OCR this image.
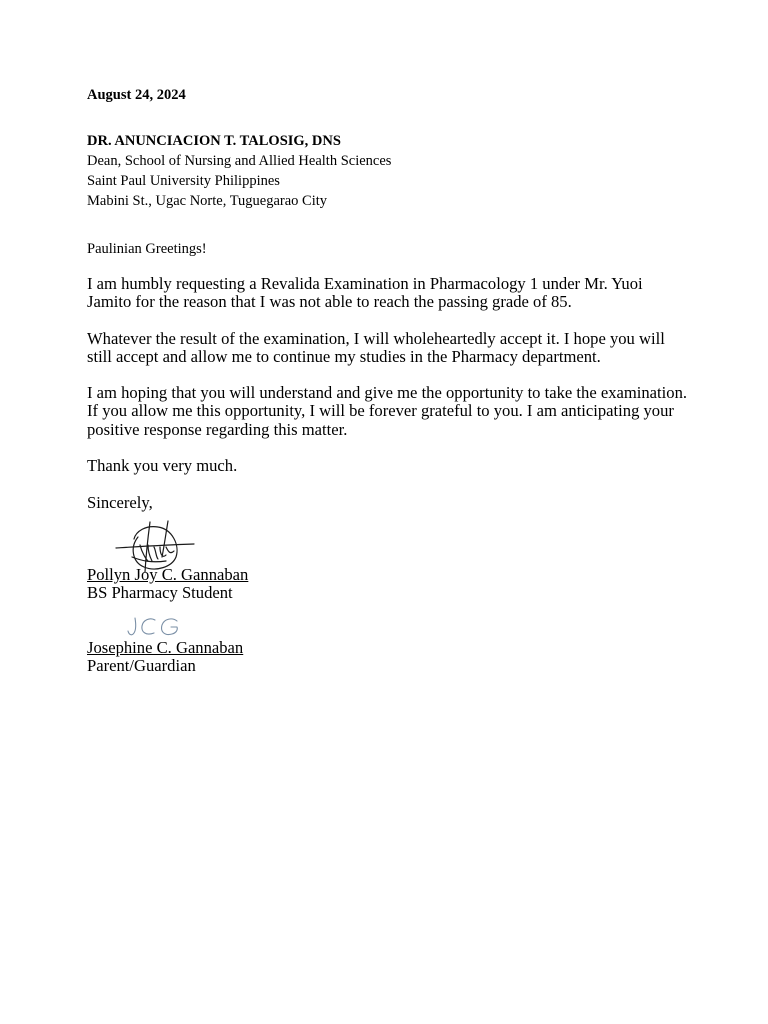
August 24, 2024
DR. ANUNCIACION T. TALOSIG, DNS
Dean, School of Nursing and Allied Health Sciences
Saint Paul University Philippines
Mabini St., Ugac Norte, Tuguegarao City
Paulinian Greetings!

I am humbly requesting a Revalida Examination in Pharmacology 1 under Mr. Yuoi Jamito for the reason that I was not able to reach the passing grade of 85.

Whatever the result of the examination, I will wholeheartedly accept it. I hope you will still accept and allow me to continue my studies in the Pharmacy department.

I am hoping that you will understand and give me the opportunity to take the examination. If you allow me this opportunity, I will be forever grateful to you. I am anticipating your positive response regarding this matter.

Thank you very much.

Sincerely,
Pollyn Joy C. Gannaban
BS Pharmacy Student
Josephine C. Gannaban
Parent/Guardian
